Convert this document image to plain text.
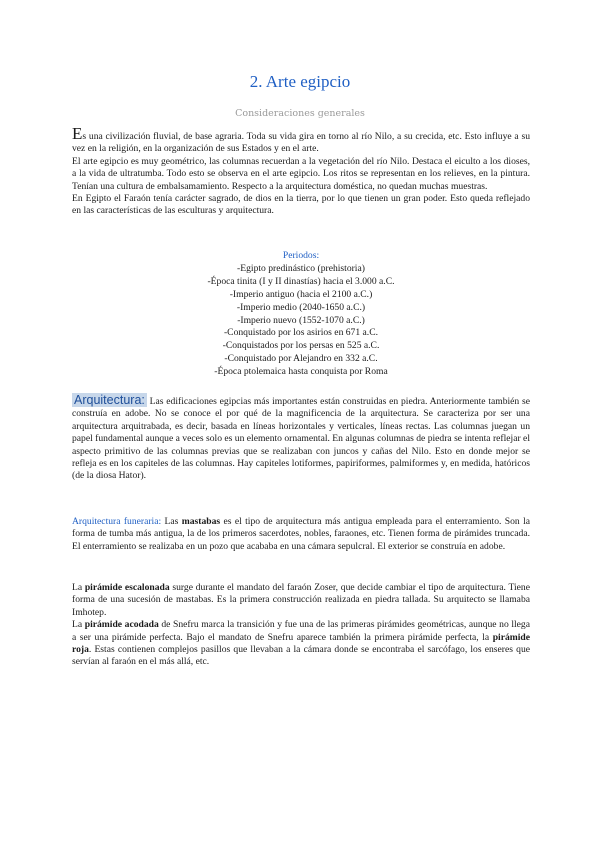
2. Arte egipcio
Consideraciones generales

Es una civilización fluvial, de base agraria. Toda su vida gira en torno al río Nilo, a su crecida, etc. Esto influye a su vez en la religión, en la organización de sus Estados y en el arte.

El arte egipcio es muy geométrico, las columnas recuerdan a la vegetación del río Nilo. Destaca el eiculto a los dioses, a la vida de ultratumba. Todo esto se observa en el arte egipcio. Los ritos se representan en los relieves, en la pintura. Tenían una cultura de embalsamamiento. Respecto a la arquitectura doméstica, no quedan muchas muestras.

En Egipto el Faraón tenía carácter sagrado, de dios en la tierra, por lo que tienen un gran poder. Esto queda reflejado en las características de las esculturas y arquitectura.

Periodos:
-Egipto predinástico (prehistoria)
-Época tinita (I y II dinastías) hacia el 3.000 a.C.
-Imperio antiguo (hacia el 2100 a.C.)
-Imperio medio (2040-1650 a.C.)
-Imperio nuevo (1552-1070 a.C.)
-Conquistado por los asirios en 671 a.C.
-Conquistados por los persas en 525 a.C.
-Conquistado por Alejandro en 332 a.C.
-Época ptolemaica hasta conquista por Roma

Arquitectura: Las edificaciones egipcias más importantes están construidas en piedra. Anteriormente también se construía en adobe. No se conoce el por qué de la magnificencia de la arquitectura. Se caracteriza por ser una arquitectura arquitrabada, es decir, basada en líneas horizontales y verticales, líneas rectas. Las columnas juegan un papel fundamental aunque a veces solo es un elemento ornamental. En algunas columnas de piedra se intenta reflejar el aspecto primitivo de las columnas previas que se realizaban con juncos y cañas del Nilo. Esto en donde mejor se refleja es en los capiteles de las columnas. Hay capiteles lotiformes, papiriformes, palmiformes y, en medida, hatóricos (de la diosa Hator).

Arquitectura funeraria: Las mastabas es el tipo de arquitectura más antigua empleada para el enterramiento. Son la forma de tumba más antigua, la de los primeros sacerdotes, nobles, faraones, etc. Tienen forma de pirámides truncada. El enterramiento se realizaba en un pozo que acababa en una cámara sepulcral. El exterior se construía en adobe.

La pirámide escalonada surge durante el mandato del faraón Zoser, que decide cambiar el tipo de arquitectura. Tiene forma de una sucesión de mastabas. Es la primera construcción realizada en piedra tallada. Su arquitecto se llamaba Imhotep.

La pirámide acodada de Snefru marca la transición y fue una de las primeras pirámides geométricas, aunque no llega a ser una pirámide perfecta. Bajo el mandato de Snefru aparece también la primera pirámide perfecta, la pirámide roja. Estas contienen complejos pasillos que llevaban a la cámara donde se encontraba el sarcófago, los enseres que servían al faraón en el más allá, etc.
